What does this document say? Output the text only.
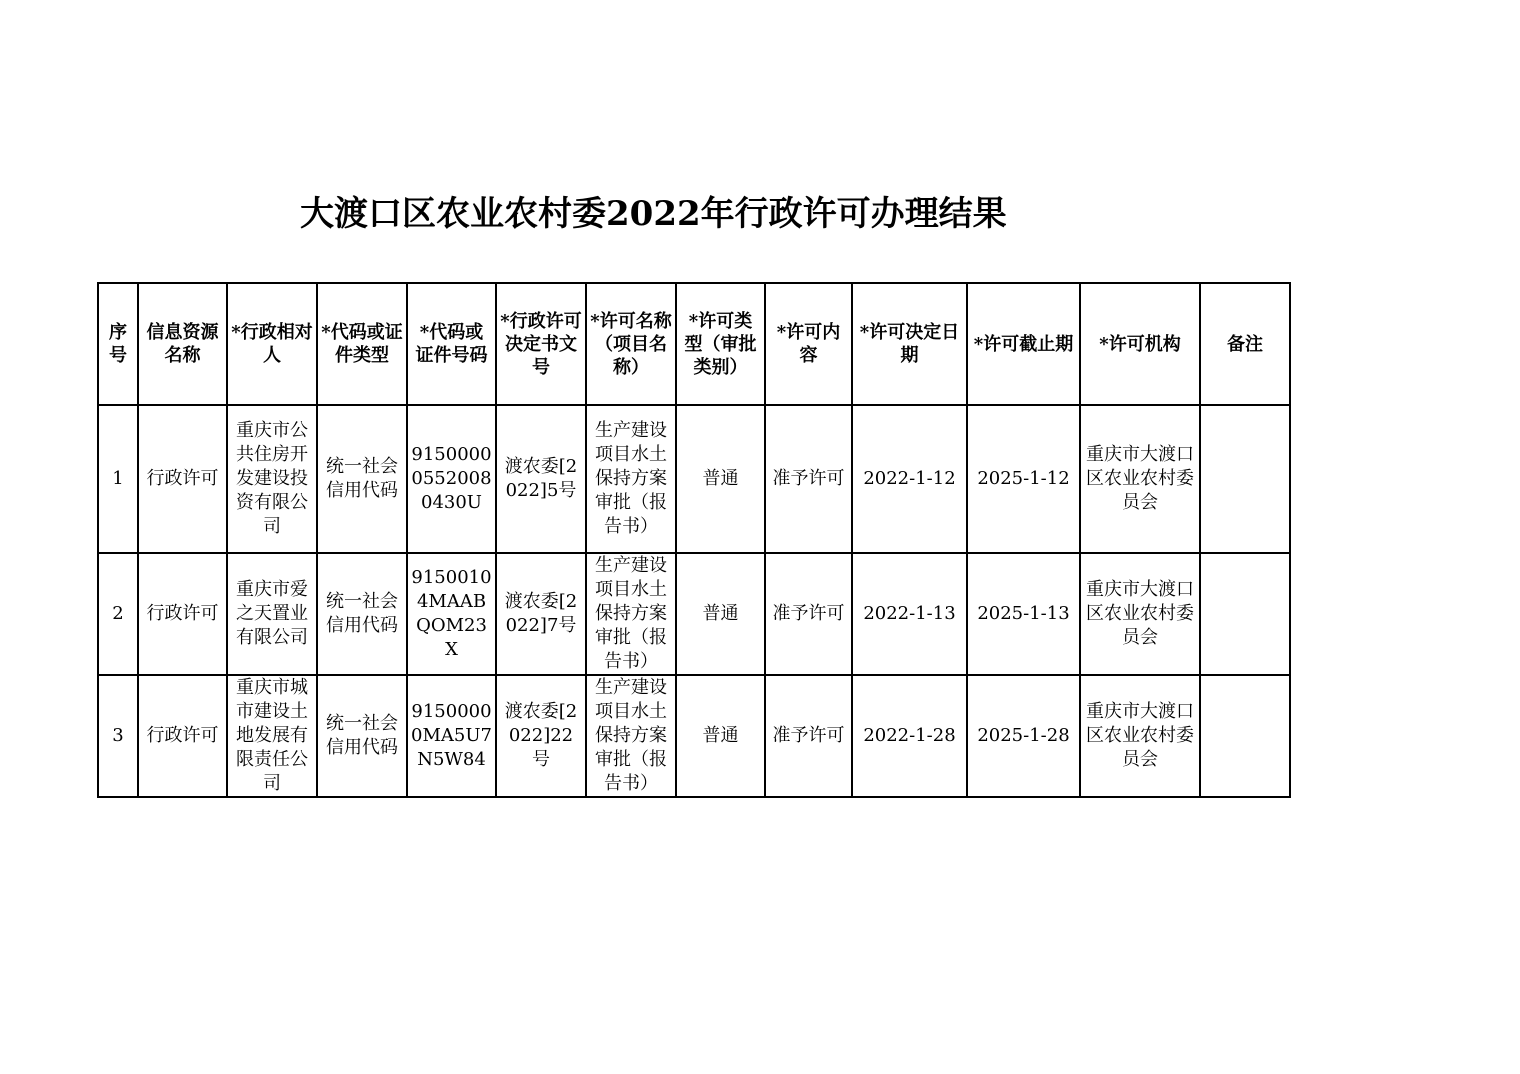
大渡口区农业农村委2022年行政许可办理结果
序号	信息资源名称	*行政相对人	*代码或证件类型	*代码或证件号码	*行政许可决定书文号	*许可名称（项目名称）	*许可类型（审批类别）	*许可内容	*许可决定日期	*许可截止期	*许可机构	备注
1	行政许可	重庆市公共住房开发建设投资有限公司	统一社会信用代码	915000005520080430U	渡农委[2022]5号	生产建设项目水土保持方案审批（报告书）	普通	准予许可	2022-1-12	2025-1-12	重庆市大渡口区农业农村委员会	
2	行政许可	重庆市爱之天置业有限公司	统一社会信用代码	91500104MAABQOM23X	渡农委[2022]7号	生产建设项目水土保持方案审批（报告书）	普通	准予许可	2022-1-13	2025-1-13	重庆市大渡口区农业农村委员会	
3	行政许可	重庆市城市建设土地发展有限责任公司	统一社会信用代码	91500000MA5U7N5W84	渡农委[2022]22号	生产建设项目水土保持方案审批（报告书）	普通	准予许可	2022-1-28	2025-1-28	重庆市大渡口区农业农村委员会	
